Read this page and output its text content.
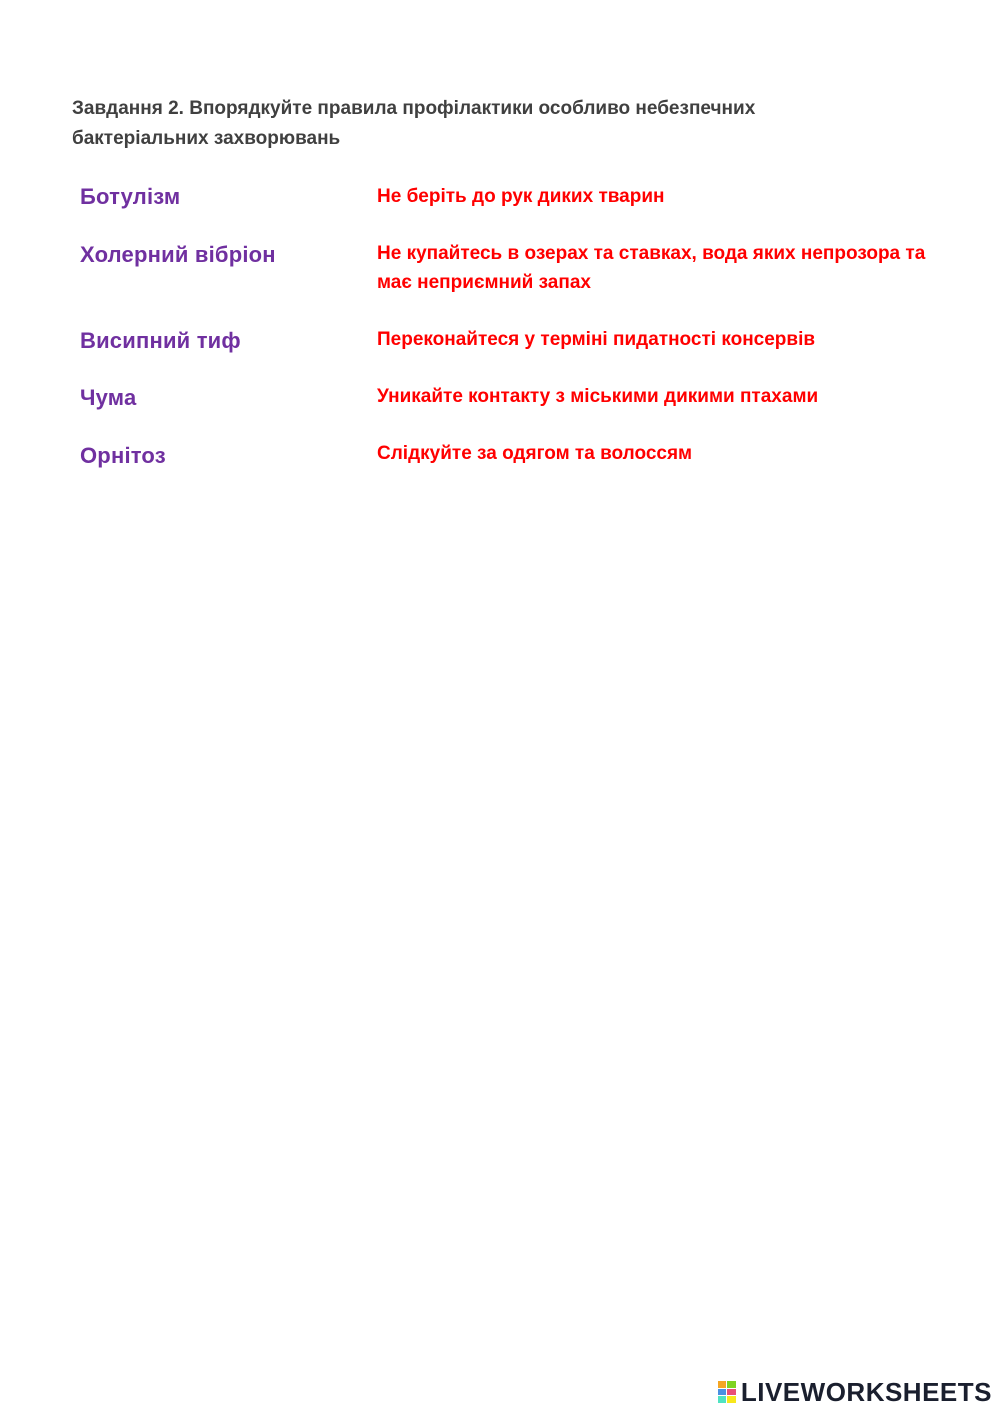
Завдання 2. Впорядкуйте правила профілактики особливо небезпечних бактеріальних захворювань

Ботулізм
Холерний вібріон
Висипний тиф
Чума
Орнітоз
Не беріть до рук диких тварин
Не купайтесь в озерах та ставках, вода яких непрозора та має неприємний запах
Переконайтеся у терміні пидатності консервів
Уникайте контакту з міськими дикими птахами
Слідкуйте за одягом та волоссям
LIVEWORKSHEETS
